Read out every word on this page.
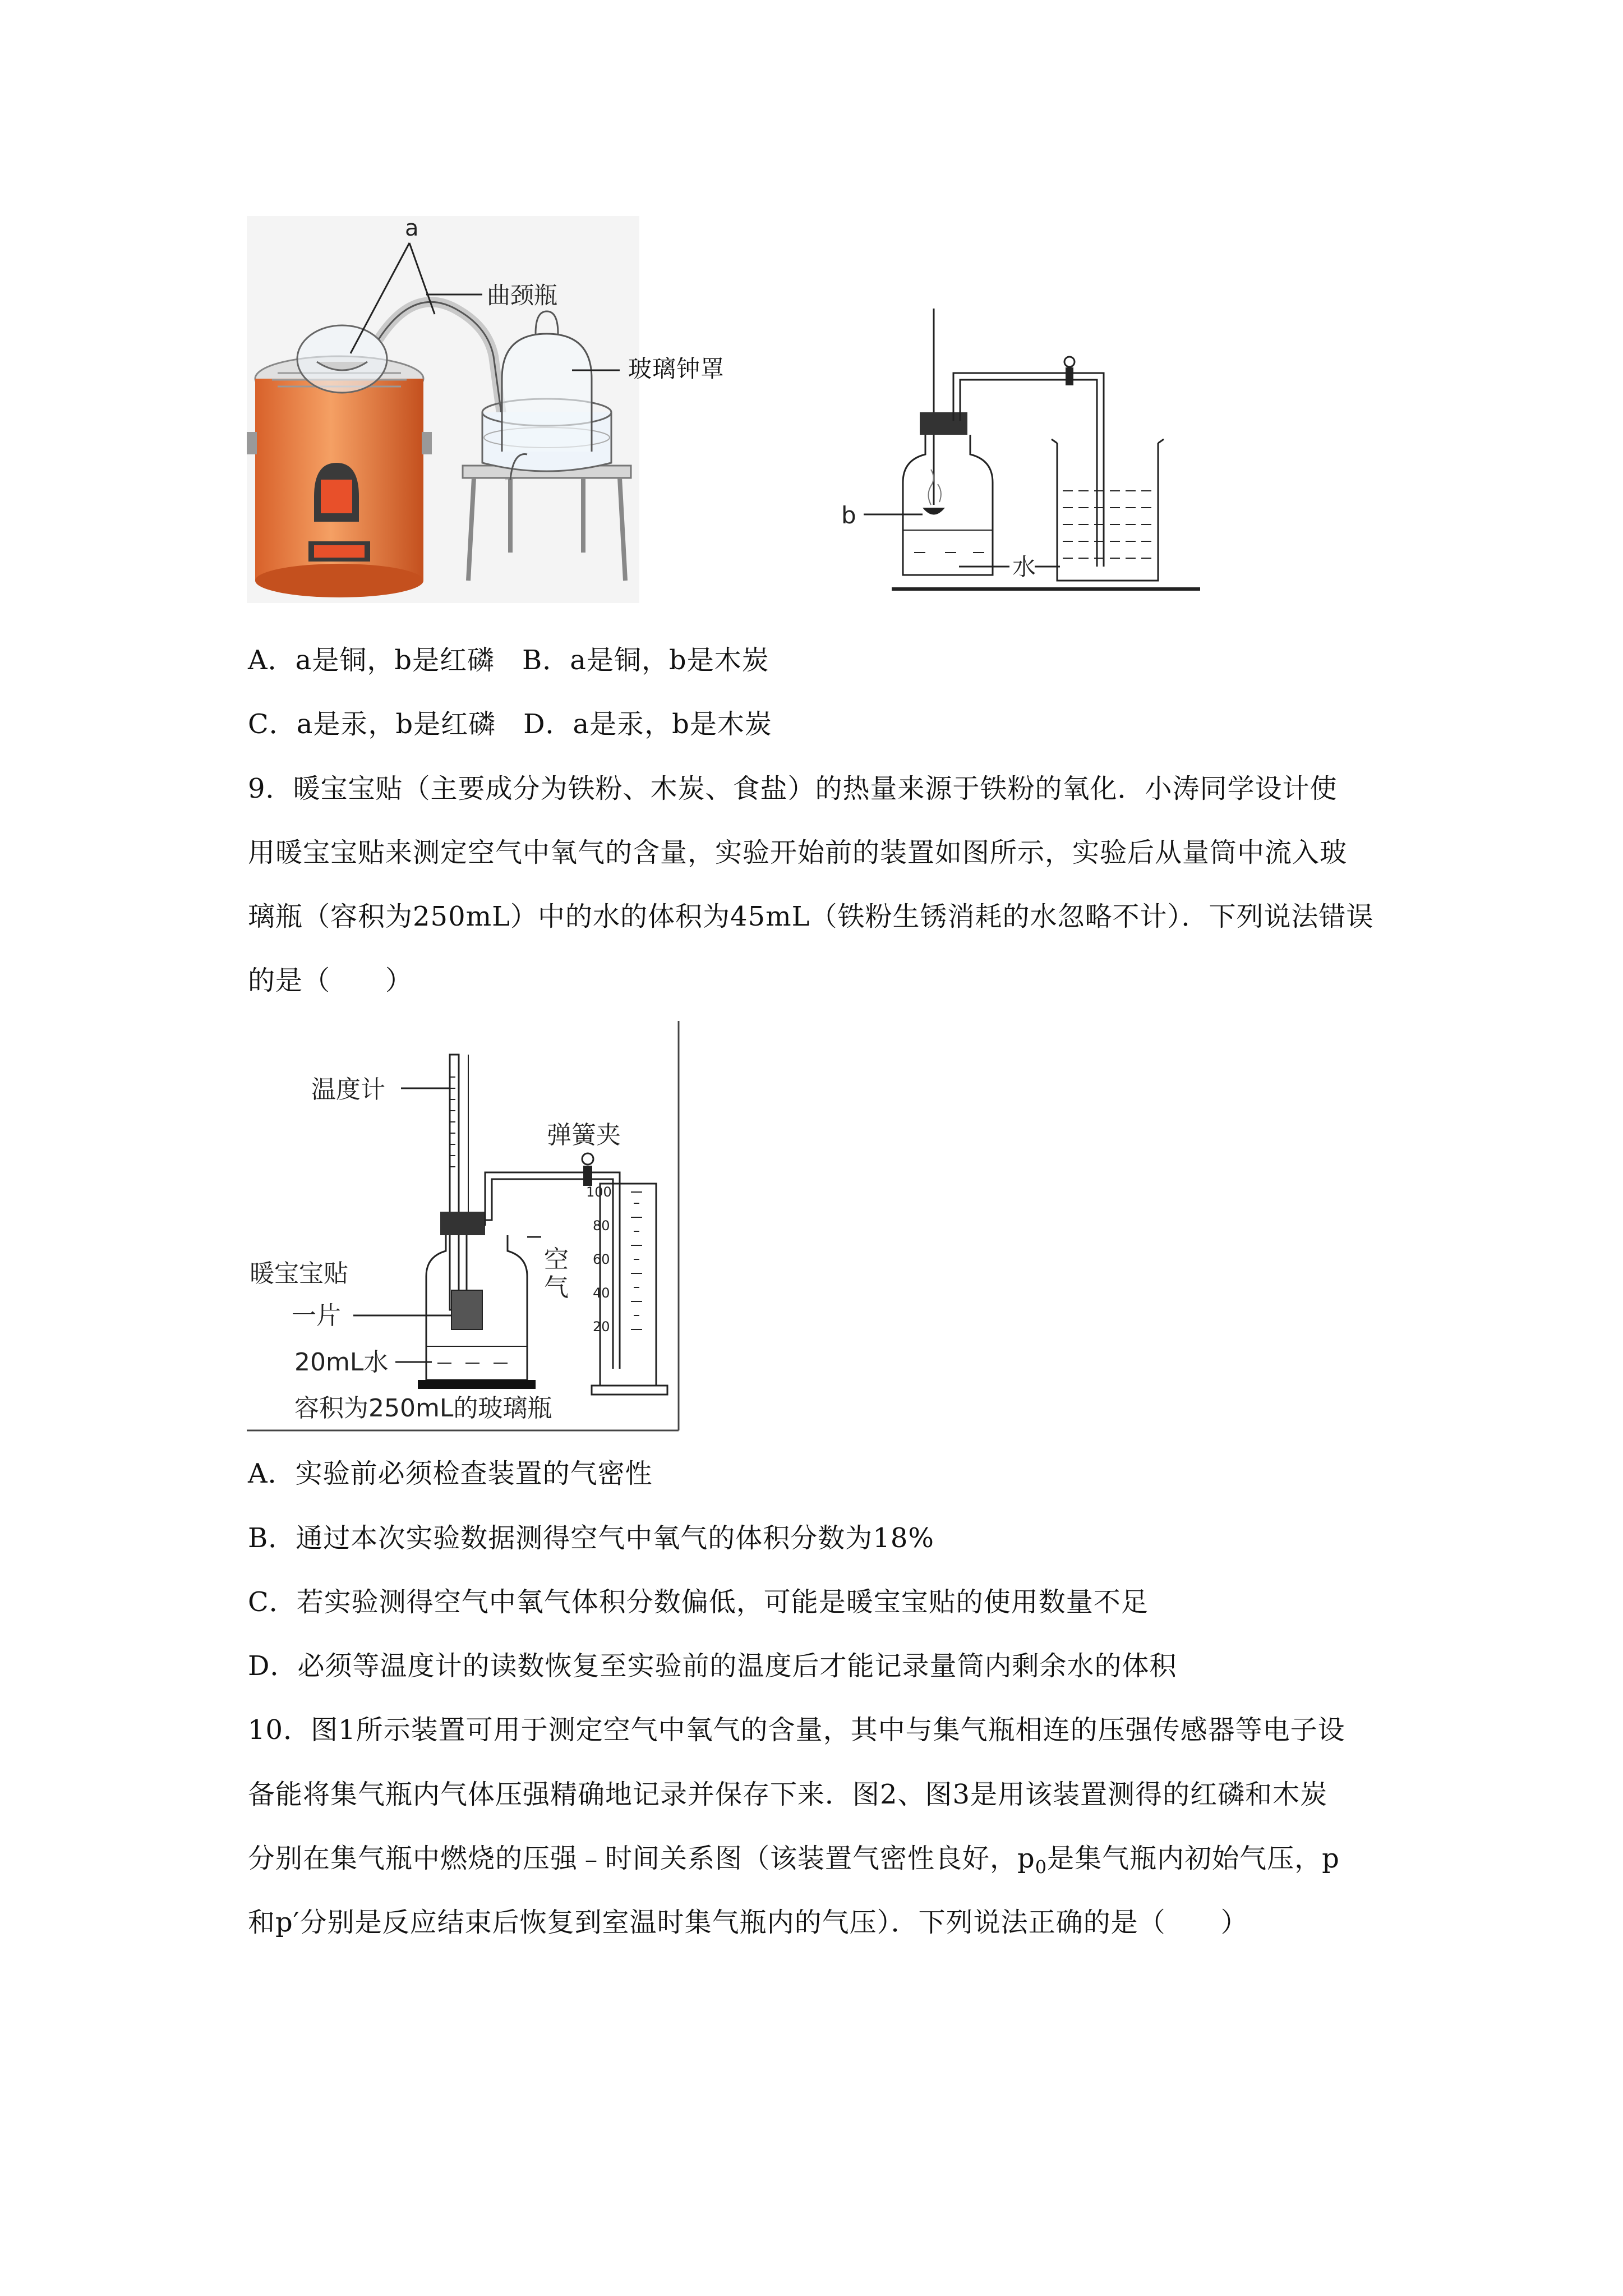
a
曲颈瓶
玻璃钟罩
b
水
A．a是铜，b是红磷　B．a是铜，b是木炭
C．a是汞，b是红磷　D．a是汞，b是木炭
9．暖宝宝贴（主要成分为铁粉、木炭、食盐）的热量来源于铁粉的氧化．小涛同学设计使
用暖宝宝贴来测定空气中氧气的含量，实验开始前的装置如图所示，实验后从量筒中流入玻
璃瓶（容积为250mL）中的水的体积为45mL（铁粉生锈消耗的水忽略不计）．下列说法错误
的是（　　）
温度计
弹簧夹
100
80
60
40
20
空
气
暖宝宝贴
一片
20mL水
容积为250mL的玻璃瓶
A．实验前必须检查装置的气密性
B．通过本次实验数据测得空气中氧气的体积分数为18%
C．若实验测得空气中氧气体积分数偏低，可能是暖宝宝贴的使用数量不足
D．必须等温度计的读数恢复至实验前的温度后才能记录量筒内剩余水的体积
10．图1所示装置可用于测定空气中氧气的含量，其中与集气瓶相连的压强传感器等电子设
备能将集气瓶内气体压强精确地记录并保存下来．图2、图3是用该装置测得的红磷和木炭
分别在集气瓶中燃烧的压强﹣时间关系图（该装置气密性良好，$p_0$是集气瓶内初始气压，p
和p′分别是反应结束后恢复到室温时集气瓶内的气压）．下列说法正确的是（　　）
